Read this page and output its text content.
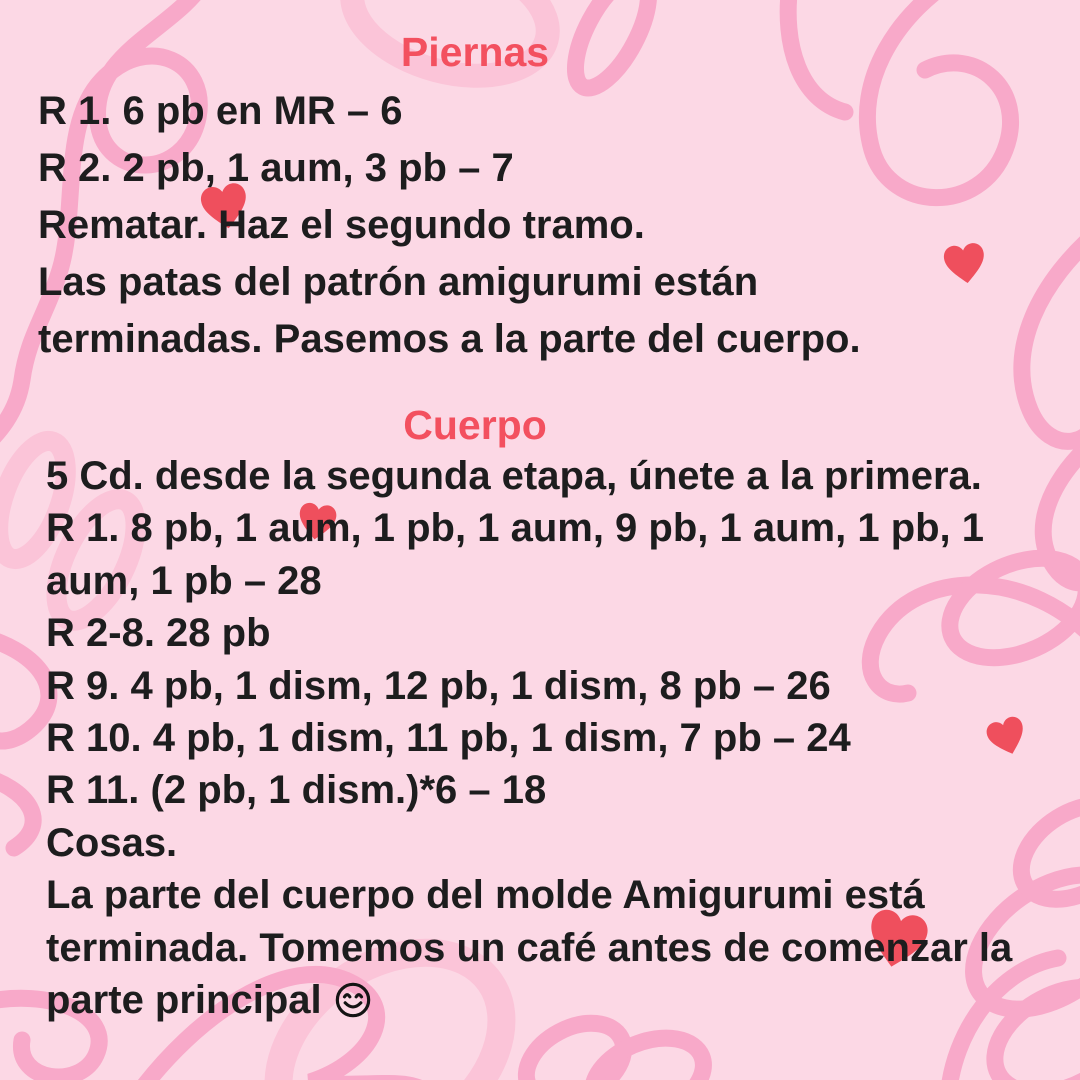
Piernas
R 1. 6 pb en MR – 6
R 2. 2 pb, 1 aum, 3 pb – 7
Rematar. Haz el segundo tramo.
Las patas del patrón amigurumi están
terminadas. Pasemos a la parte del cuerpo.
Cuerpo
5 Cd. desde la segunda etapa, únete a la primera.
R 1. 8 pb, 1 aum, 1 pb, 1 aum, 9 pb, 1 aum, 1 pb, 1
aum, 1 pb – 28
R 2-8. 28 pb
R 9. 4 pb, 1 dism, 12 pb, 1 dism, 8 pb – 26
R 10. 4 pb, 1 dism, 11 pb, 1 dism, 7 pb – 24
R 11. (2 pb, 1 dism.)*6 – 18
Cosas.
La parte del cuerpo del molde Amigurumi está
terminada. Tomemos un café antes de comenzar la
parte principal
